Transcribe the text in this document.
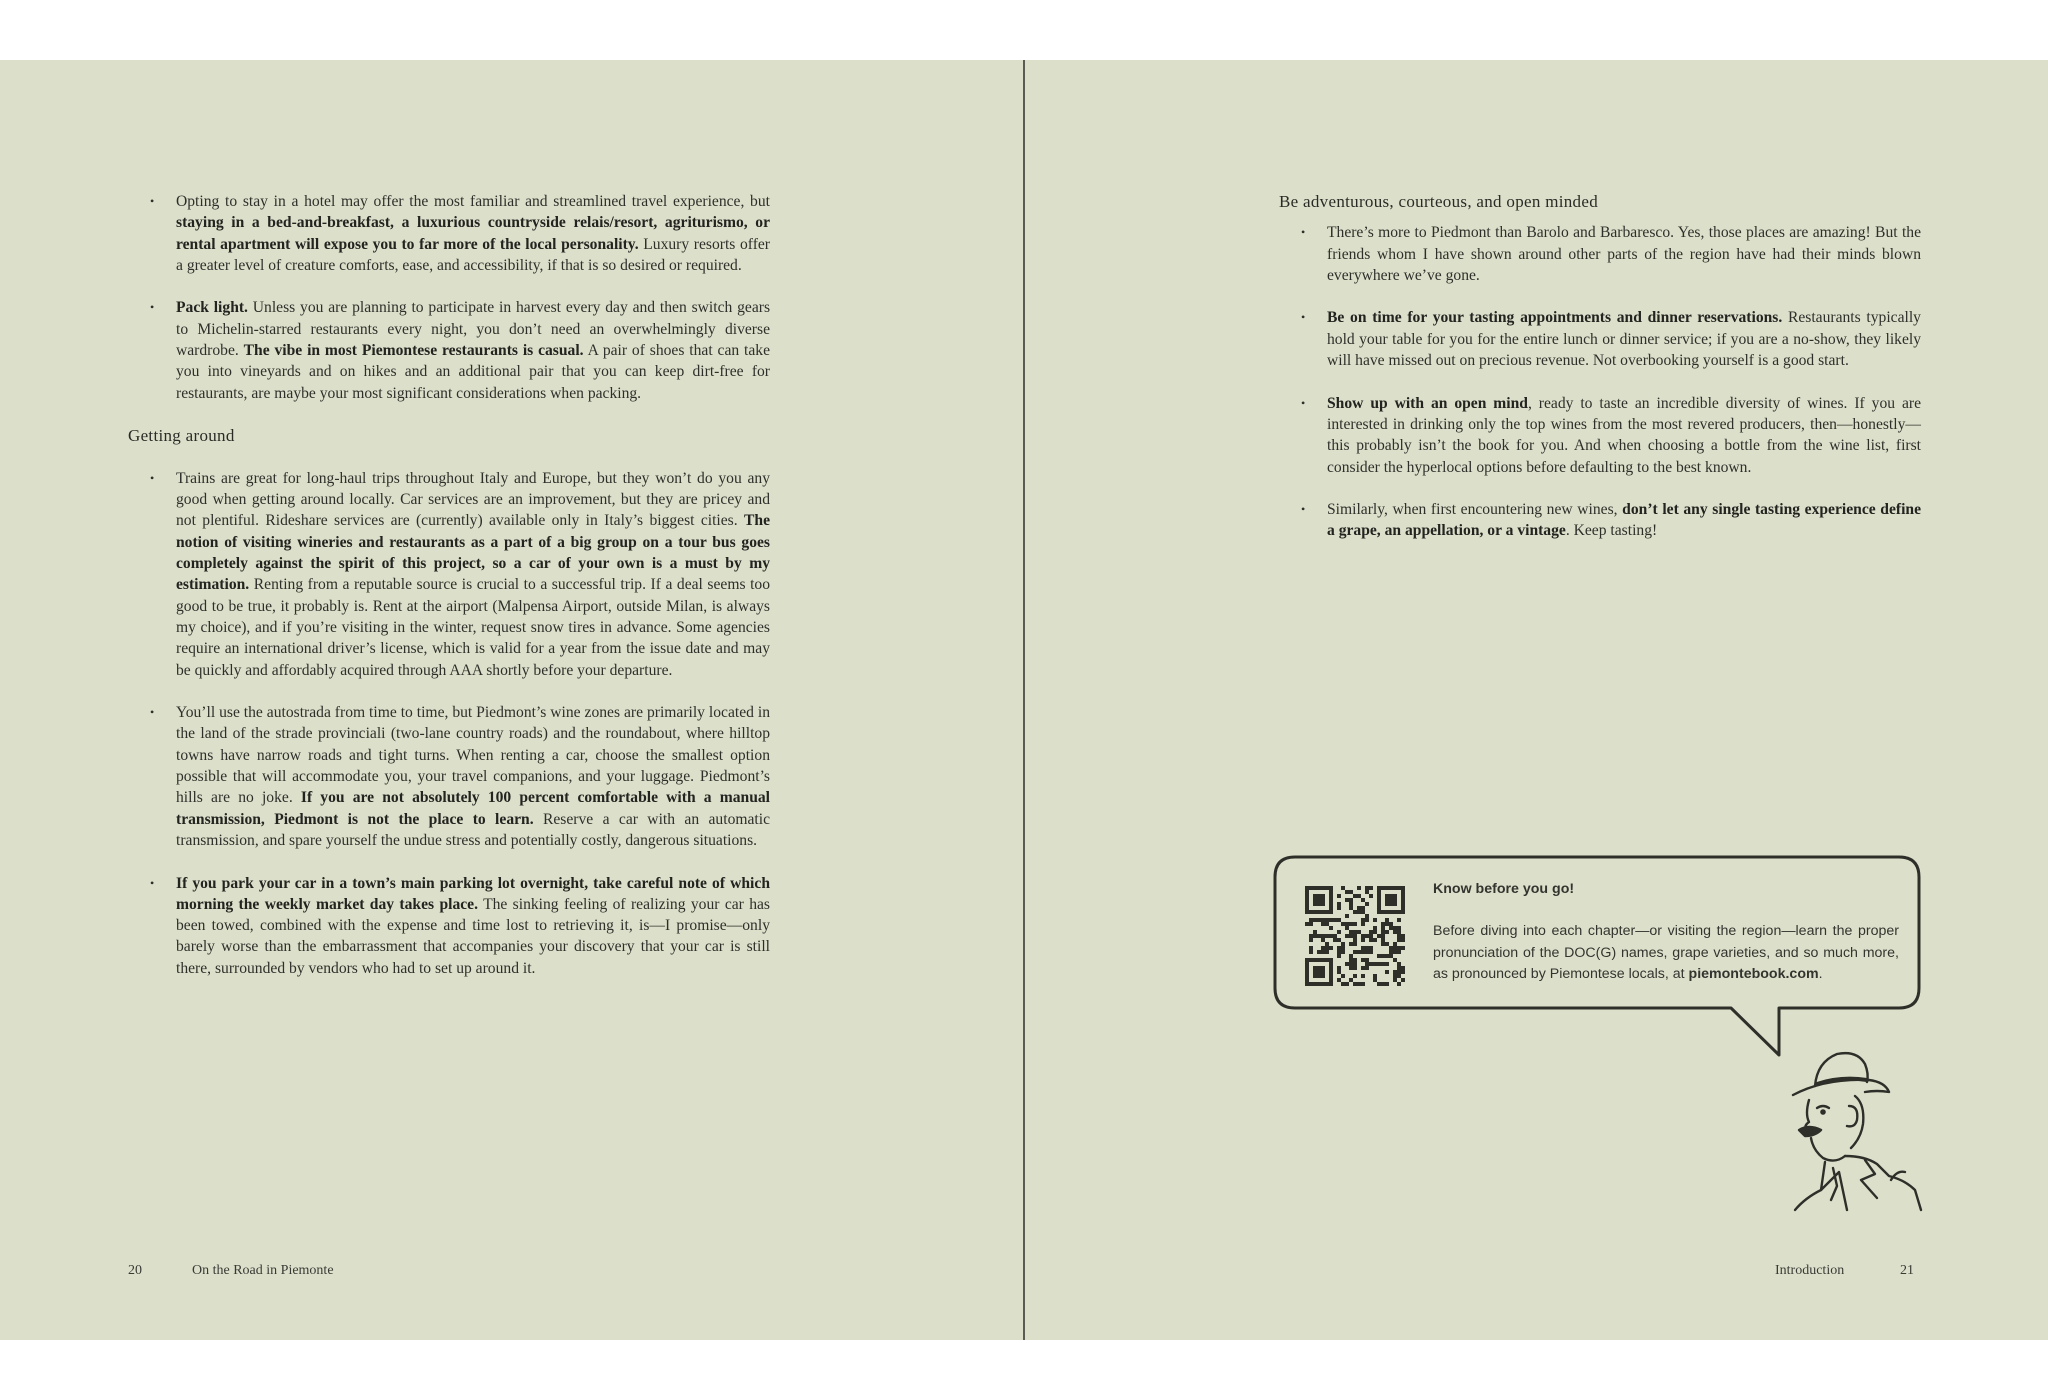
• Opting to stay in a hotel may offer the most familiar and streamlined travel experience, but staying in a bed-and-breakfast, a luxurious countryside relais/resort, agriturismo, or rental apartment will expose you to far more of the local personality. Luxury resorts offer a greater level of creature comforts, ease, and accessibility, if that is so desired or required.
• Pack light. Unless you are planning to participate in harvest every day and then switch gears to Michelin-starred restaurants every night, you don’t need an overwhelmingly diverse wardrobe. The vibe in most Piemontese restaurants is casual. A pair of shoes that can take you into vineyards and on hikes and an additional pair that you can keep dirt-free for restaurants, are maybe your most significant considerations when packing.
Getting around
• Trains are great for long-haul trips throughout Italy and Europe, but they won’t do you any good when getting around locally. Car services are an improvement, but they are pricey and not plentiful. Rideshare services are (currently) available only in Italy’s biggest cities. The notion of visiting wineries and restaurants as a part of a big group on a tour bus goes completely against the spirit of this project, so a car of your own is a must by my estimation. Renting from a reputable source is crucial to a successful trip. If a deal seems too good to be true, it probably is. Rent at the airport (Malpensa Airport, outside Milan, is always my choice), and if you’re visiting in the winter, request snow tires in advance. Some agencies require an international driver’s license, which is valid for a year from the issue date and may be quickly and affordably acquired through AAA shortly before your departure.
• You’ll use the autostrada from time to time, but Piedmont’s wine zones are primarily located in the land of the strade provinciali (two-lane country roads) and the roundabout, where hilltop towns have narrow roads and tight turns. When renting a car, choose the smallest option possible that will accommodate you, your travel companions, and your luggage. Piedmont’s hills are no joke. If you are not absolutely 100 percent comfortable with a manual transmission, Piedmont is not the place to learn. Reserve a car with an automatic transmission, and spare yourself the undue stress and potentially costly, dangerous situations.
• If you park your car in a town’s main parking lot overnight, take careful note of which morning the weekly market day takes place. The sinking feeling of realizing your car has been towed, combined with the expense and time lost to retrieving it, is—I promise—only barely worse than the embarrassment that accompanies your discovery that your car is still there, surrounded by vendors who had to set up around it.
20	On the Road in Piemonte
Be adventurous, courteous, and open minded
• There’s more to Piedmont than Barolo and Barbaresco. Yes, those places are amazing! But the friends whom I have shown around other parts of the region have had their minds blown everywhere we’ve gone.
• Be on time for your tasting appointments and dinner reservations. Restaurants typically hold your table for you for the entire lunch or dinner service; if you are a no-show, they likely will have missed out on precious revenue. Not overbooking yourself is a good start.
• Show up with an open mind, ready to taste an incredible diversity of wines. If you are interested in drinking only the top wines from the most revered producers, then—honestly—this probably isn’t the book for you. And when choosing a bottle from the wine list, first consider the hyperlocal options before defaulting to the best known.
• Similarly, when first encountering new wines, don’t let any single tasting experience define a grape, an appellation, or a vintage. Keep tasting!
Know before you go!
Before diving into each chapter—or visiting the region—learn the proper pronunciation of the DOC(G) names, grape varieties, and so much more, as pronounced by Piemontese locals, at piemontebook.com.
Introduction	21
